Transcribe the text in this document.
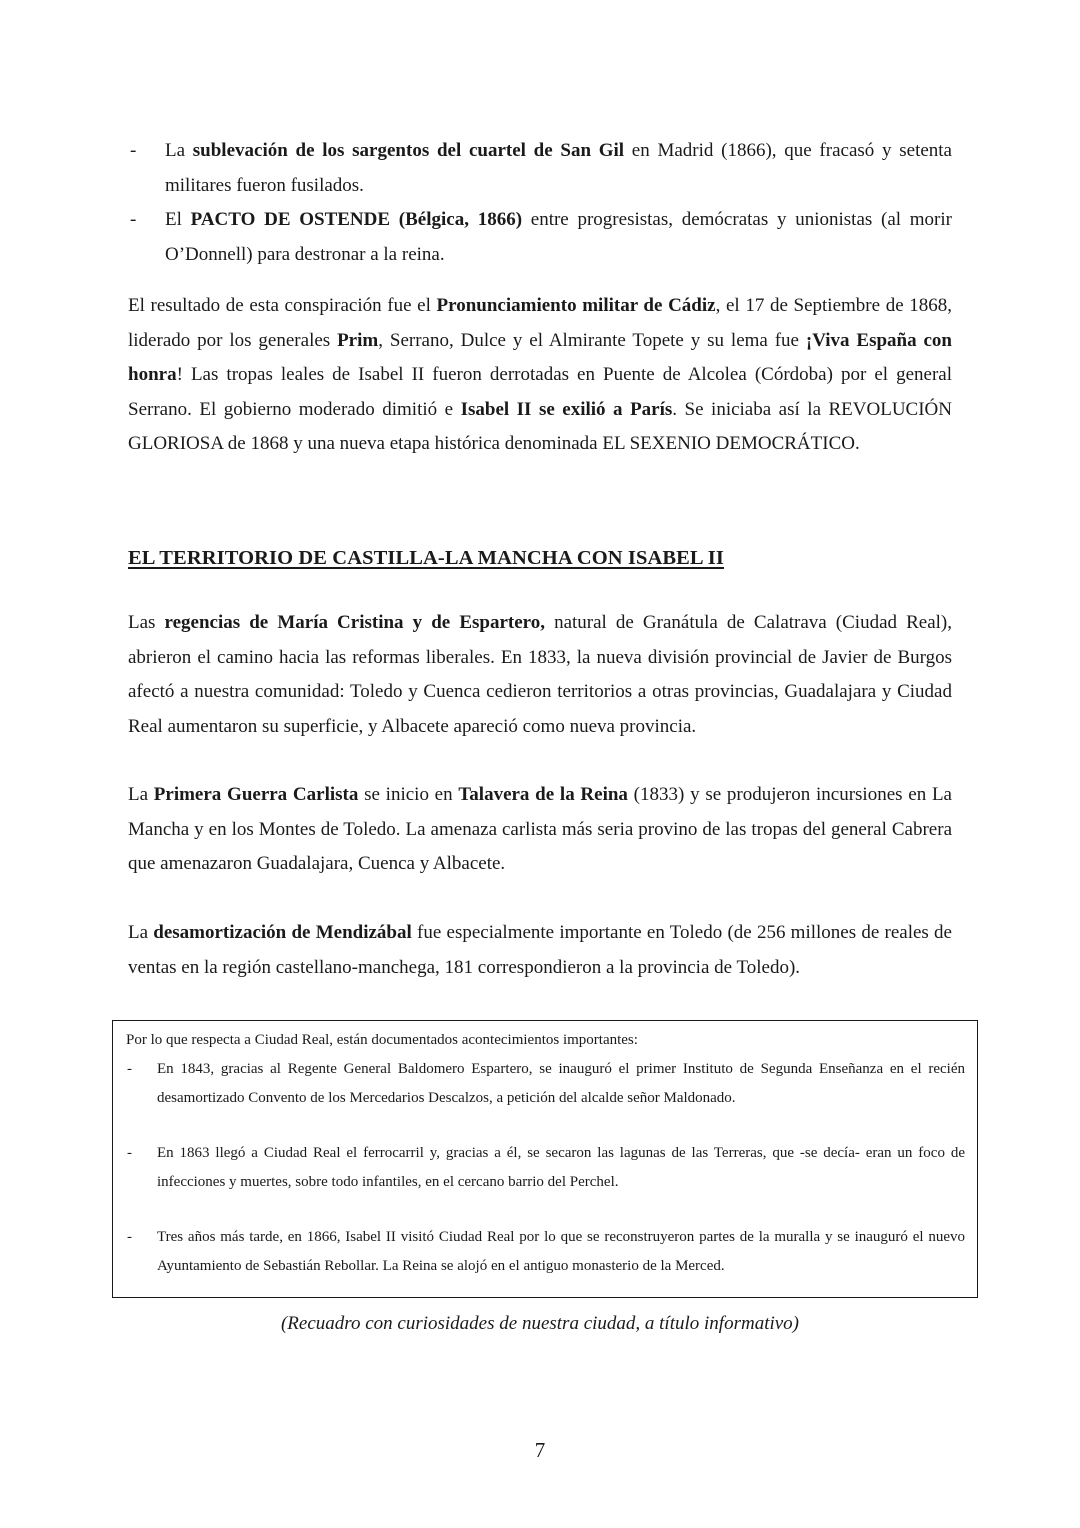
-	La sublevación de los sargentos del cuartel de San Gil en Madrid (1866), que fracasó y setenta militares fueron fusilados.
-	El PACTO DE OSTENDE (Bélgica, 1866) entre progresistas, demócratas y unionistas (al morir O’Donnell) para destronar a la reina.

El resultado de esta conspiración fue el Pronunciamiento militar de Cádiz, el 17 de Septiembre de 1868, liderado por los generales Prim, Serrano, Dulce y el Almirante Topete y su lema fue ¡Viva España con honra! Las tropas leales de Isabel II fueron derrotadas en Puente de Alcolea (Córdoba) por el general Serrano. El gobierno moderado dimitió e Isabel II se exilió a París. Se iniciaba así la REVOLUCIÓN GLORIOSA de 1868 y una nueva etapa histórica denominada EL SEXENIO DEMOCRÁTICO.

EL TERRITORIO DE CASTILLA-LA MANCHA CON ISABEL II

Las regencias de María Cristina y de Espartero, natural de Granátula de Calatrava (Ciudad Real), abrieron el camino hacia las reformas liberales. En 1833, la nueva división provincial de Javier de Burgos afectó a nuestra comunidad: Toledo y Cuenca cedieron territorios a otras provincias, Guadalajara y Ciudad Real aumentaron su superficie, y Albacete apareció como nueva provincia.

La Primera Guerra Carlista se inicio en Talavera de la Reina (1833) y se produjeron incursiones en La Mancha y en los Montes de Toledo. La amenaza carlista más seria provino de las tropas del general Cabrera que amenazaron Guadalajara, Cuenca y Albacete.

La desamortización de Mendizábal fue especialmente importante en Toledo (de 256 millones de reales de ventas en la región castellano-manchega, 181 correspondieron a la provincia de Toledo).

Por lo que respecta a Ciudad Real, están documentados acontecimientos importantes:
-	En 1843, gracias al Regente General Baldomero Espartero, se inauguró el primer Instituto de Segunda Enseñanza en el recién desamortizado Convento de los Mercedarios Descalzos, a petición del alcalde señor Maldonado.
-	En 1863 llegó a Ciudad Real el ferrocarril y, gracias a él, se secaron las lagunas de las Terreras, que -se decía- eran un foco de infecciones y muertes, sobre todo infantiles, en el cercano barrio del Perchel.
-	Tres años más tarde, en 1866, Isabel II visitó Ciudad Real por lo que se reconstruyeron partes de la muralla y se inauguró el nuevo Ayuntamiento de Sebastián Rebollar. La Reina se alojó en el antiguo monasterio de la Merced.
(Recuadro con curiosidades de nuestra ciudad, a título informativo)
7
